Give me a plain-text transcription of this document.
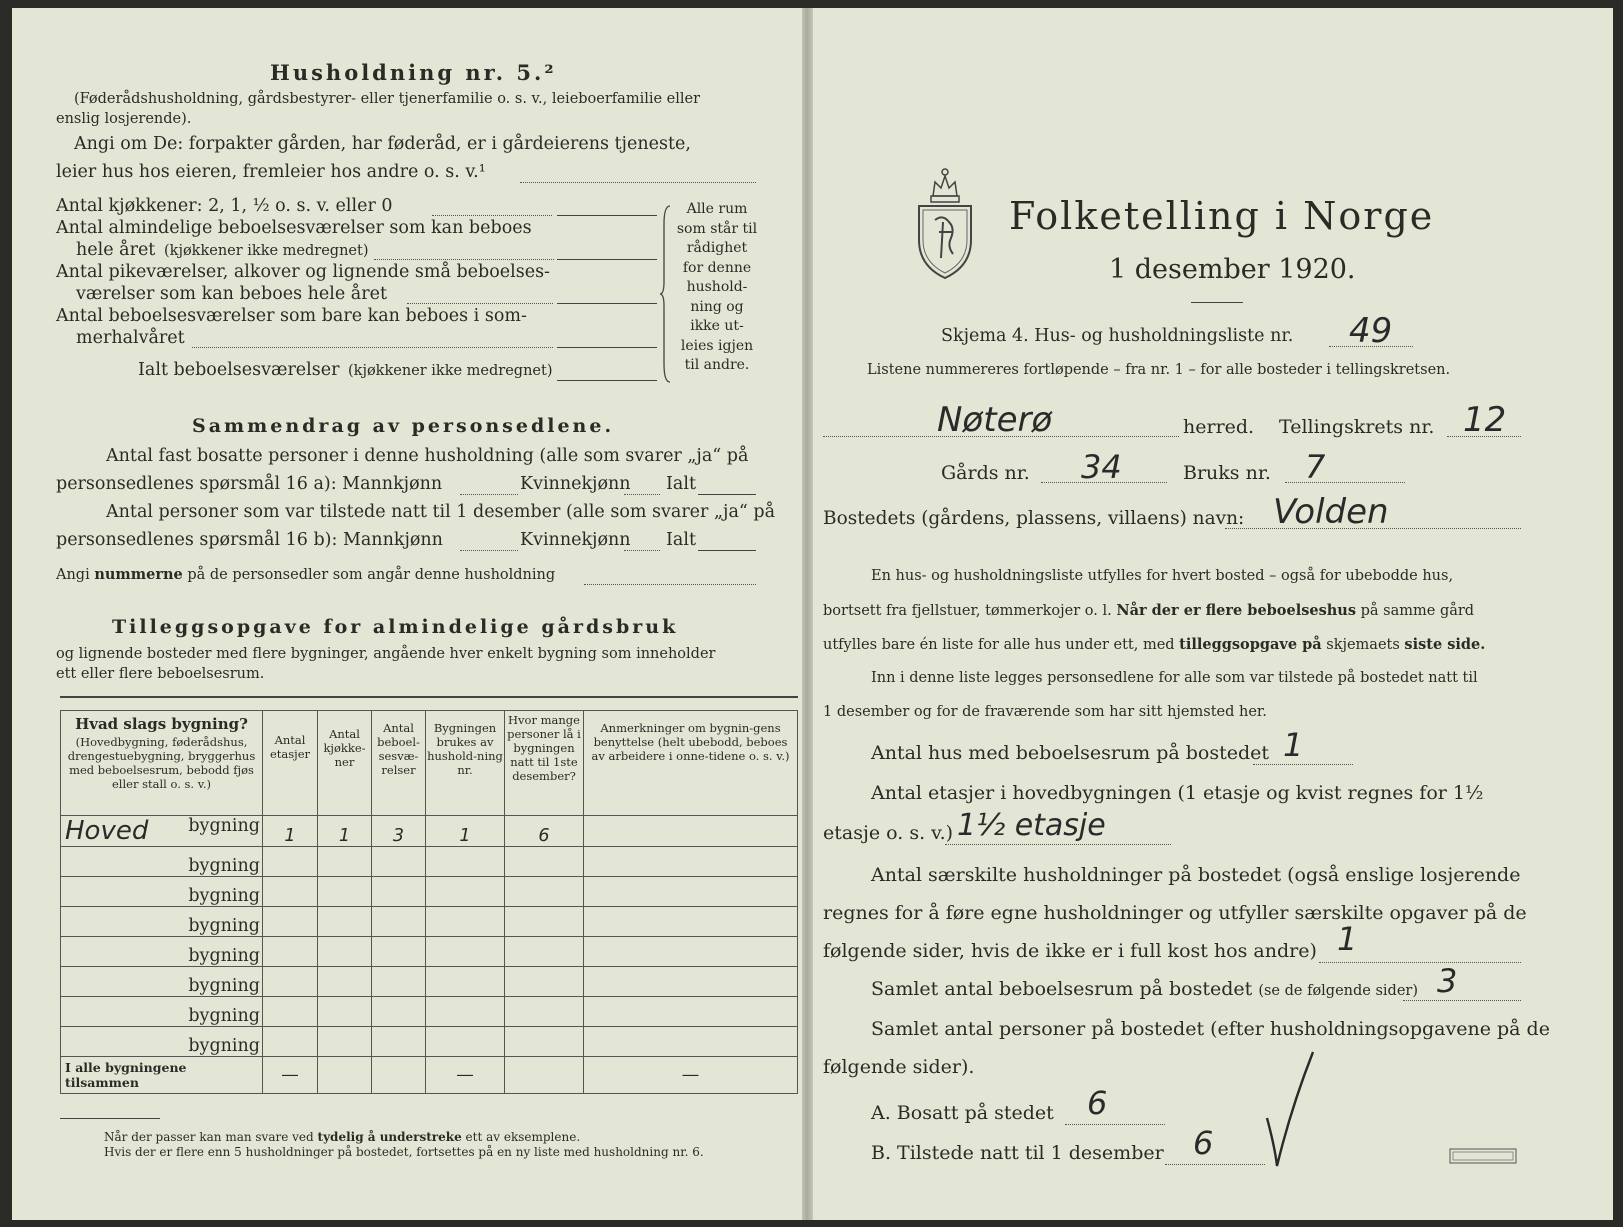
Husholdning nr. 5.²
(Føderådshusholdning, gårdsbestyrer- eller tjenerfamilie o. s. v., leieboerfamilie eller
enslig losjerende).
Angi om De: forpakter gården, har føderåd, er i gårdeierens tjeneste,
leier hus hos eieren, fremleier hos andre o. s. v.¹
Antal kjøkkener: 2, 1, ½ o. s. v. eller 0
Antal almindelige beboelsesværelser som kan beboes
hele året (kjøkkener ikke medregnet)
Antal pikeværelser, alkover og lignende små beboelses-
værelser som kan beboes hele året
Antal beboelsesværelser som bare kan beboes i som-
merhalvåret
Ialt beboelsesværelser (kjøkkener ikke medregnet)
Alle rum
som står til
rådighet
for denne
hushold-
ning og
ikke ut-
leies igjen
til andre.
Sammendrag av personsedlene.
Antal fast bosatte personer i denne husholdning (alle som svarer „ja“ på
personsedlenes spørsmål 16 a): Mannkjønn	Kvinnekjønn Ialt
Antal personer som var tilstede natt til 1 desember (alle som svarer „ja“ på
personsedlenes spørsmål 16 b): Mannkjønn	Kvinnekjønn Ialt
Angi nummerne på de personsedler som angår denne husholdning
Tilleggsopgave for almindelige gårdsbruk
og lignende bosteder med flere bygninger, angående hver enkelt bygning som inneholder
ett eller flere beboelsesrum.
Hvad slags bygning?
(Hovedbygning, føderådshus, drengestuebygning, bryggerhus med beboelsesrum, bebodd fjøs eller stall o. s. v.)	Antal etasjer	Antal kjøkke-ner	Antal beboel-sesvæ-relser	Bygningen brukes av hushold-ning nr.	Hvor mange personer lå i bygningen natt til 1ste desember?	Anmerkninger om bygnin-gens benyttelse (helt ubebodd, beboes av arbeidere i onne-tidene o. s. v.)

Hoved bygning	1	1	3	1	6	

bygning						

bygning						

bygning						

bygning						

bygning						

bygning						

bygning						

I alle bygningene tilsammen	—			—		—
Når der passer kan man svare ved tydelig å understreke ett av eksemplene.
Hvis der er flere enn 5 husholdninger på bostedet, fortsettes på en ny liste med husholdning nr. 6.
Folketelling i Norge
1 desember 1920.
Skjema 4. Hus- og husholdningsliste nr. 49
Listene nummereres fortløpende – fra nr. 1 – for alle bosteder i tellingskretsen.
Nøterø	herred. Tellingskrets nr. 12
Gårds nr. 34	Bruks nr. 7
Bostedets (gårdens, plassens, villaens) navn: Volden
En hus- og husholdningsliste utfylles for hvert bosted – også for ubebodde hus,
bortsett fra fjellstuer, tømmerkojer o. l. Når der er flere beboelseshus på samme gård
utfylles bare én liste for alle hus under ett, med tilleggsopgave på skjemaets siste side.
Inn i denne liste legges personsedlene for alle som var tilstede på bostedet natt til
1 desember og for de fraværende som har sitt hjemsted her.
Antal hus med beboelsesrum på bostedet 1
Antal etasjer i hovedbygningen (1 etasje og kvist regnes for 1½
etasje o. s. v.) 1½ etasje
Antal særskilte husholdninger på bostedet (også enslige losjerende
regnes for å føre egne husholdninger og utfyller særskilte opgaver på de
følgende sider, hvis de ikke er i full kost hos andre) 1
Samlet antal beboelsesrum på bostedet (se de følgende sider) 3
Samlet antal personer på bostedet (efter husholdningsopgavene på de
følgende sider).
A. Bosatt på stedet 6
B. Tilstede natt til 1 desember 6
